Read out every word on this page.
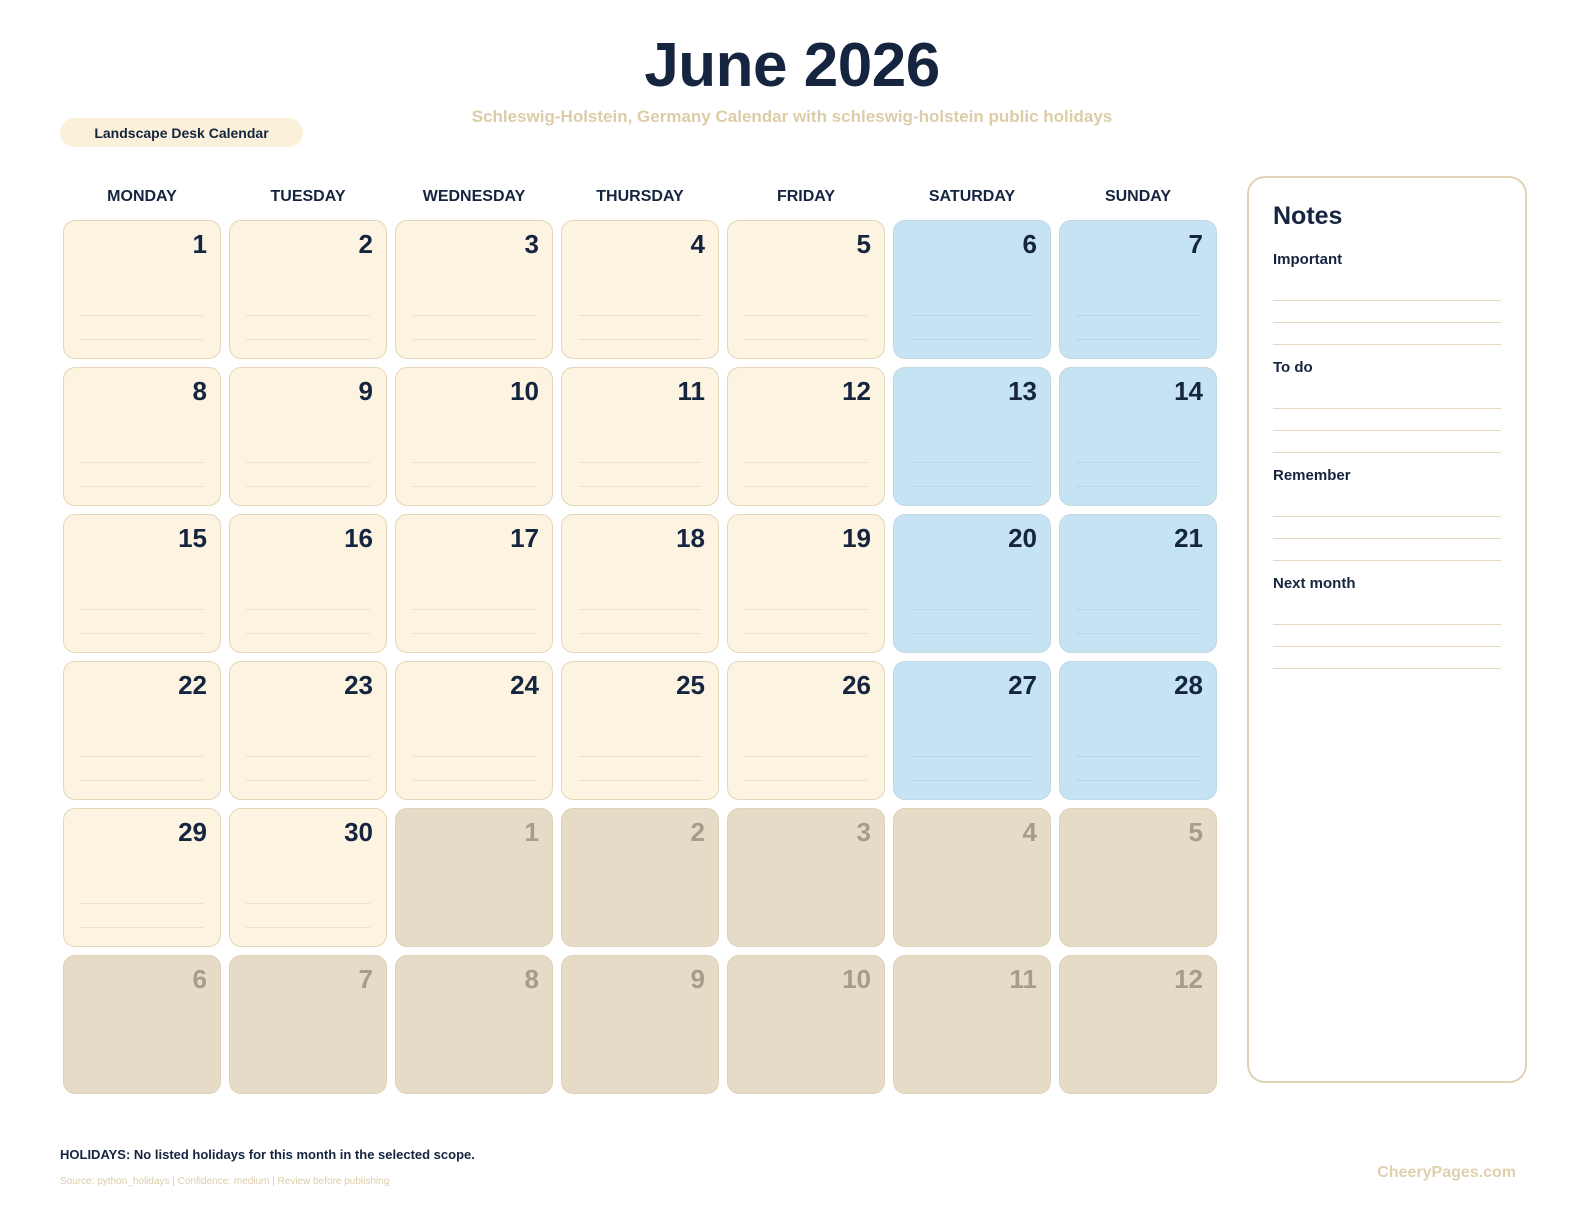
June 2026
Schleswig-Holstein, Germany Calendar with schleswig-holstein public holidays
Landscape Desk Calendar
MONDAY	TUESDAY	WEDNESDAY	THURSDAY	FRIDAY	SATURDAY	SUNDAY
1	2	3	4	5	6	7
8	9	10	11	12	13	14
15	16	17	18	19	20	21
22	23	24	25	26	27	28
29	30	1	2	3	4	5
6	7	8	9	10	11	12
Notes
Important
To do
Remember
Next month
HOLIDAYS: No listed holidays for this month in the selected scope.
Source: python_holidays | Confidence: medium | Review before publishing
CheeryPages.com
